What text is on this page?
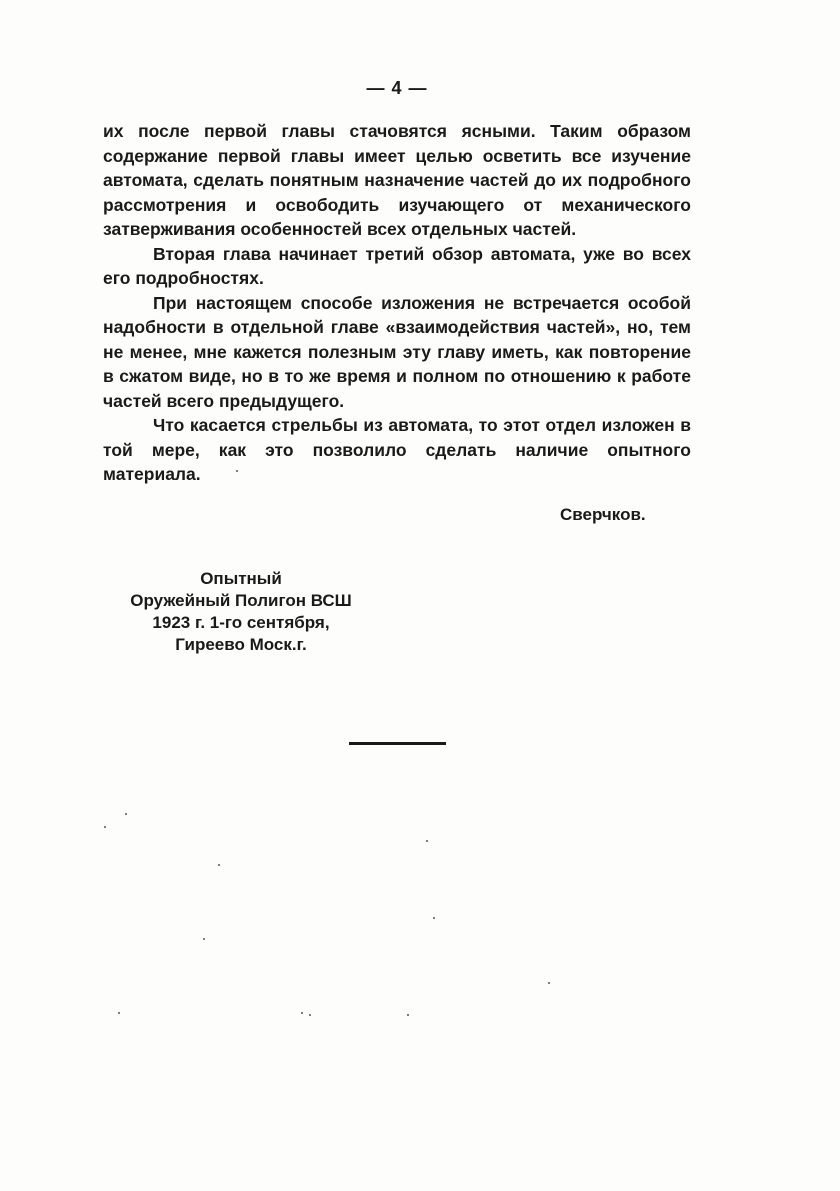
— 4 —

их после первой главы стачовятся ясными. Таким образом содержание первой главы имеет целью осветить все изучение автомата, сделать понятным назначение частей до их подробного рассмотрения и освободить изучающего от механического затверживания особенностей всех отдельных частей.

Вторая глава начинает третий обзор автомата, уже во всех его подробностях.

При настоящем способе изложения не встречается особой надобности в отдельной главе «взаимодействия частей», но, тем не менее, мне кажется полезным эту главу иметь, как повторение в сжатом виде, но в то же время и полном по отношению к работе частей всего предыдущего.

Что касается стрельбы из автомата, то этот отдел изложен в той мере, как это позволило сделать наличие опытного материала.

Сверчков.
Опытный
Оружейный Полигон ВСШ
1923 г. 1-го сентября,
Гиреево Моск.г.
